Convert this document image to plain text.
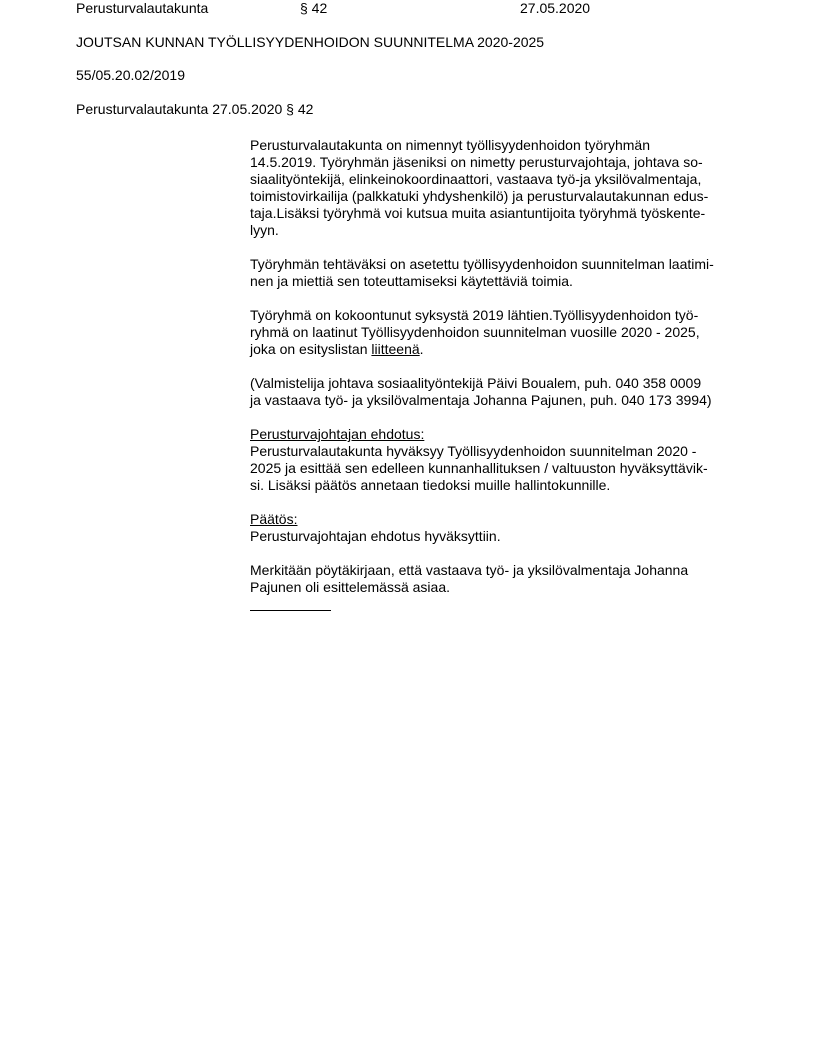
Perusturvalautakunta	§ 42	27.05.2020
JOUTSAN KUNNAN TYÖLLISYYDENHOIDON SUUNNITELMA 2020-2025
55/05.20.02/2019
Perusturvalautakunta 27.05.2020 § 42
Perusturvalautakunta on nimennyt työllisyydenhoidon työryhmän
14.5.2019. Työryhmän jäseniksi on nimetty perusturvajohtaja, johtava so-
siaalityöntekijä, elinkeinokoordinaattori, vastaava työ-ja yksilövalmentaja,
toimistovirkailija (palkkatuki yhdyshenkilö) ja perusturvalautakunnan edus-
taja.Lisäksi työryhmä voi kutsua muita asiantuntijoita työryhmä työskente-
lyyn.
Työryhmän tehtäväksi on asetettu työllisyydenhoidon suunnitelman laatimi-
nen ja miettiä sen toteuttamiseksi käytettäviä toimia.
Työryhmä on kokoontunut syksystä 2019 lähtien.Työllisyydenhoidon työ-
ryhmä on laatinut Työllisyydenhoidon suunnitelman vuosille 2020 - 2025,
joka on esityslistan liitteenä.
(Valmistelija johtava sosiaalityöntekijä Päivi Boualem, puh. 040 358 0009
ja vastaava työ- ja yksilövalmentaja Johanna Pajunen, puh. 040 173 3994)
Perusturvajohtajan ehdotus:
Perusturvalautakunta hyväksyy Työllisyydenhoidon suunnitelman 2020 -
2025 ja esittää sen edelleen kunnanhallituksen / valtuuston hyväksyttävik-
si. Lisäksi päätös annetaan tiedoksi muille hallintokunnille.
Päätös:
Perusturvajohtajan ehdotus hyväksyttiin.
Merkitään pöytäkirjaan, että vastaava työ- ja yksilövalmentaja Johanna
Pajunen oli esittelemässä asiaa.
